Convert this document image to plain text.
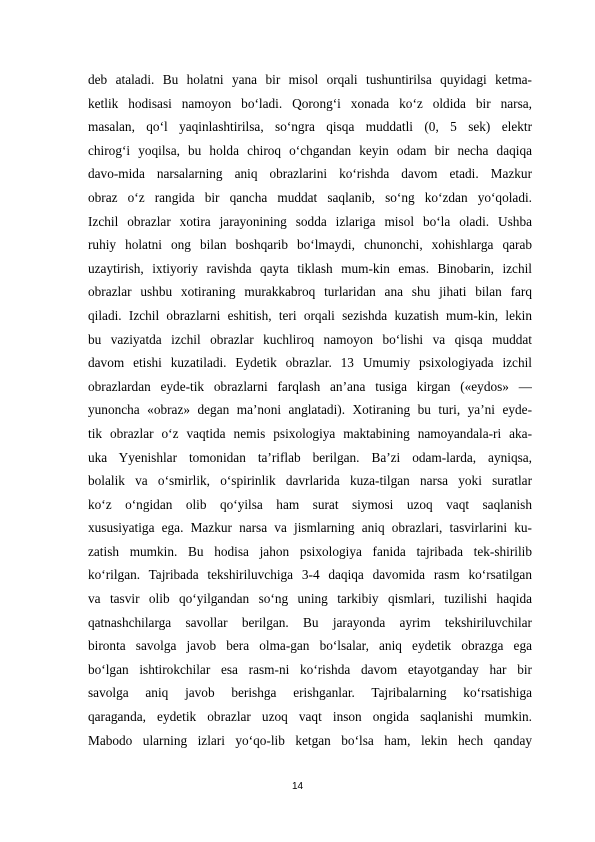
deb ataladi. Bu holatni yana bir misol orqali tushuntirilsa quyidagi ketma-
ketlik hodisasi namoyon bo‘ladi. Qorong‘i xonada ko‘z oldida bir narsa,
masalan, qo‘l yaqinlashtirilsa, so‘ngra qisqa muddatli (0, 5 sek) elektr
chirog‘i yoqilsa, bu holda chiroq o‘chgandan keyin odam bir necha daqiqa
davo-mida narsalarning aniq obrazlarini ko‘rishda davom etadi. Mazkur
obraz o‘z rangida bir qancha muddat saqlanib, so‘ng ko‘zdan yo‘qoladi.
Izchil obrazlar xotira jarayonining sodda izlariga misol bo‘la oladi. Ushba
ruhiy holatni ong bilan boshqarib bo‘lmaydi, chunonchi, xohishlarga qarab
uzaytirish, ixtiyoriy ravishda qayta tiklash mum-kin emas. Binobarin, izchil
obrazlar ushbu xotiraning murakkabroq turlaridan ana shu jihati bilan farq
qiladi. Izchil obrazlarni eshitish, teri orqali sezishda kuzatish mum-kin, lekin
bu vaziyatda izchil obrazlar kuchliroq namoyon bo‘lishi va qisqa muddat
davom etishi kuzatiladi. Eydetik obrazlar. 13 Umumiy psixologiyada izchil
obrazlardan eyde-tik obrazlarni farqlash an’ana tusiga kirgan («eydos» —
yunoncha «obraz» degan ma’noni anglatadi). Xotiraning bu turi, ya’ni eyde-
tik obrazlar o‘z vaqtida nemis psixologiya maktabining namoyandala-ri aka-
uka Yyenishlar tomonidan ta’riflab berilgan. Ba’zi odam-larda, ayniqsa,
bolalik va o‘smirlik, o‘spirinlik davrlarida kuza-tilgan narsa yoki suratlar
ko‘z o‘ngidan olib qo‘yilsa ham surat siymosi uzoq vaqt saqlanish
xususiyatiga ega. Mazkur narsa va jismlarning aniq obrazlari, tasvirlarini ku-
zatish mumkin. Bu hodisa jahon psixologiya fanida tajribada tek-shirilib
ko‘rilgan. Tajribada tekshiriluvchiga 3-4 daqiqa davomida rasm ko‘rsatilgan
va tasvir olib qo‘yilgandan so‘ng uning tarkibiy qismlari, tuzilishi haqida
qatnashchilarga savollar berilgan. Bu jarayonda ayrim tekshiriluvchilar
bironta savolga javob bera olma-gan bo‘lsalar, aniq eydetik obrazga ega
bo‘lgan ishtirokchilar esa rasm-ni ko‘rishda davom etayotganday har bir
savolga aniq javob berishga erishganlar. Tajribalarning ko‘rsatishiga
qaraganda, eydetik obrazlar uzoq vaqt inson ongida saqlanishi mumkin.
Mabodo ularning izlari yo‘qo-lib ketgan bo‘lsa ham, lekin hech qanday
14
